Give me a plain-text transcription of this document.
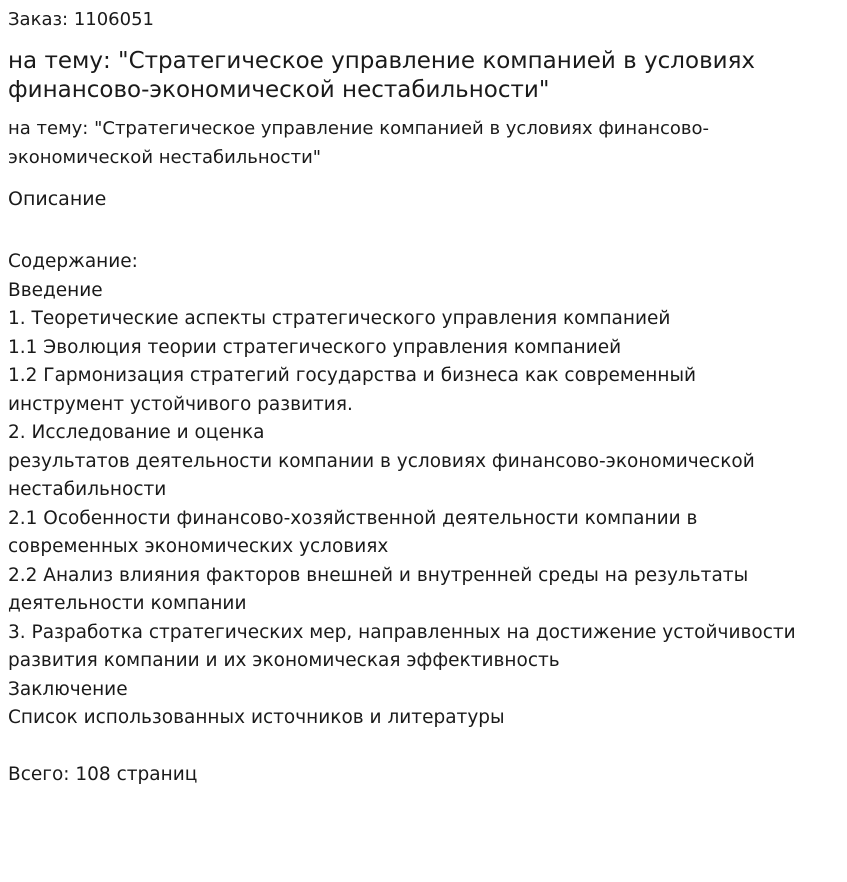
Заказ: 1106051
на тему: "Стратегическое управление компанией в условиях
финансово-экономической нестабильности"
на тему: "Стратегическое управление компанией в условиях финансово-
экономической нестабильности"
Описание
Содержание:
Введение
1. Теоретические аспекты стратегического управления компанией
1.1 Эволюция теории стратегического управления компанией
1.2 Гармонизация стратегий государства и бизнеса как современный
инструмент устойчивого развития.
2. Исследование и оценка
результатов деятельности компании в условиях финансово-экономической
нестабильности
2.1 Особенности финансово-хозяйственной деятельности компании в
современных экономических условиях
2.2 Анализ влияния факторов внешней и внутренней среды на результаты
деятельности компании
3. Разработка стратегических мер, направленных на достижение устойчивости
развития компании и их экономическая эффективность
Заключение
Список использованных источников и литературы
Всего: 108 страниц
